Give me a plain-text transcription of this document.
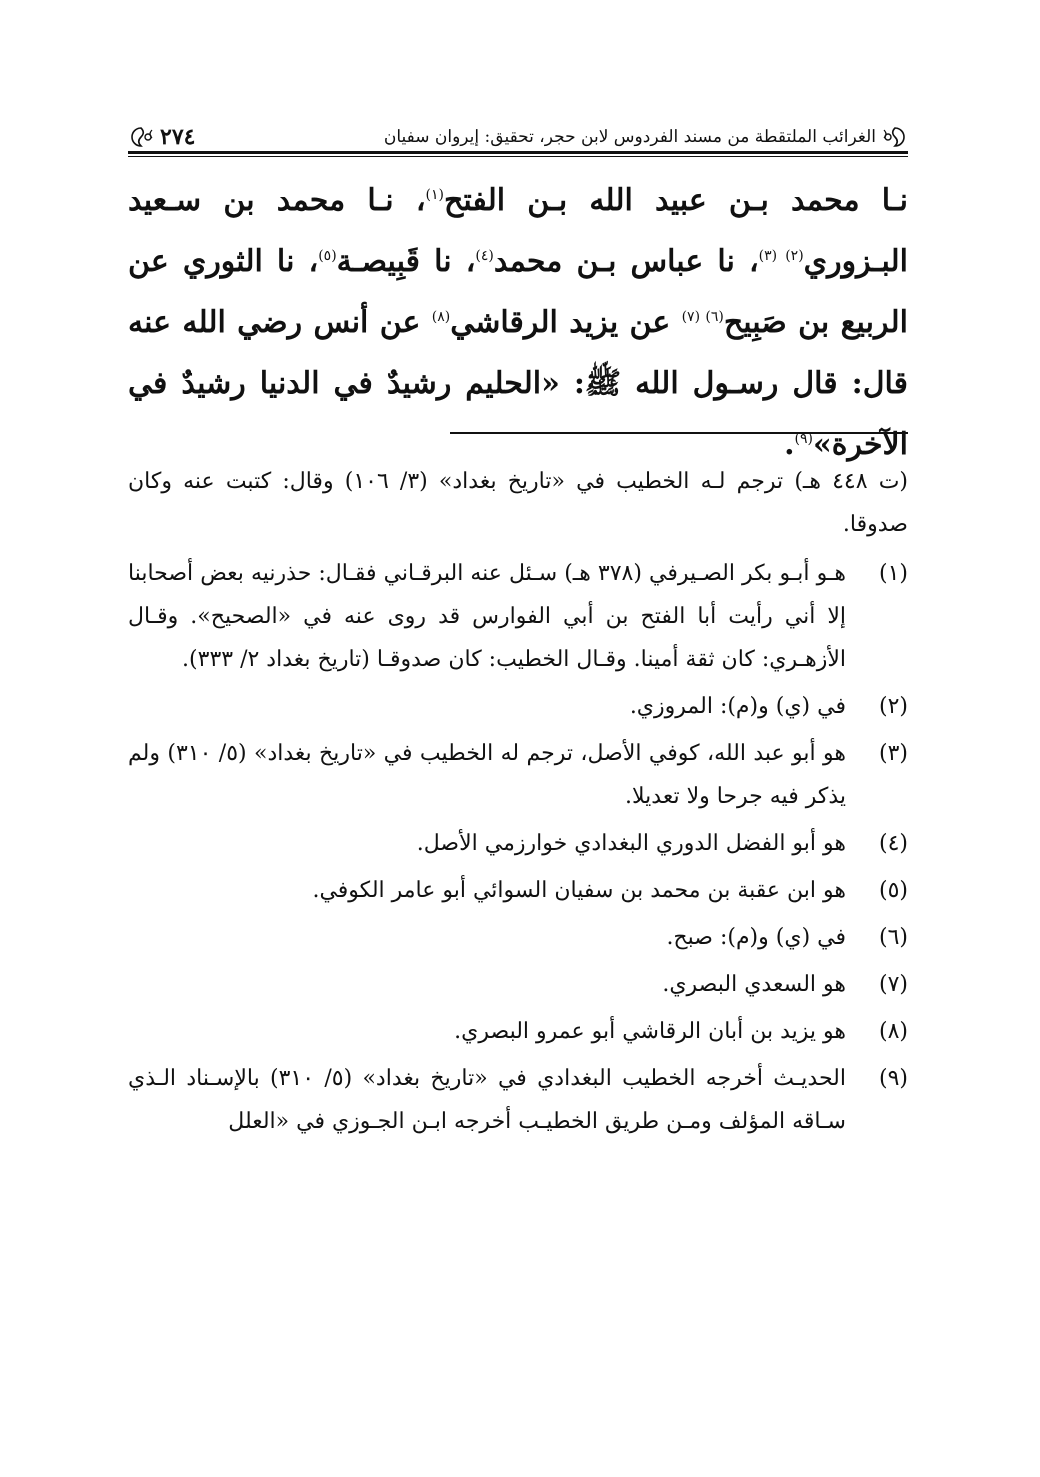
الغرائب الملتقطة من مسند الفردوس لابن حجر، تحقيق: إيروان سفيان
٢٧٤
نـا محمد بـن عبيد الله بـن الفتح$^{(١)}$، نـا محمد بن سـعيد البـزوري$^{(٢) (٣)}$، نا عباس بـن محمد$^{(٤)}$، نا قَبِيصـة$^{(٥)}$، نا الثوري عن الربيع بن صَبِيح$^{(٦) (٧)}$ عن يزيد الرقاشي$^{(٨)}$ عن أنس رضي الله عنه قال: قال رسـول الله ﷺ: «الحليم رشيدٌ في الدنيا رشيدٌ في الآخرة»$^{(٩)}$.

(ت ٤٤٨ هـ) ترجم لـه الخطيب في «تاريخ بغداد» (٣/ ١٠٦) وقال: كتبت عنه وكان صدوقا.

(١)
هـو أبـو بكر الصـيرفي (٣٧٨ هـ) سـئل عنه البرقـاني فقـال: حذرنيه بعض أصحابنا إلا أني رأيت أبا الفتح بن أبي الفوارس قد روى عنه في «الصحيح». وقـال الأزهـري: كان ثقة أمينا. وقـال الخطيب: كان صدوقـا (تاريخ بغداد ٢/ ٣٣٣).
(٢)
في (ي) و(م): المروزي.
(٣)
هو أبو عبد الله، كوفي الأصل، ترجم له الخطيب في «تاريخ بغداد» (٥/ ٣١٠) ولم يذكر فيه جرحا ولا تعديلا.
(٤)
هو أبو الفضل الدوري البغدادي خوارزمي الأصل.
(٥)
هو ابن عقبة بن محمد بن سفيان السوائي أبو عامر الكوفي.
(٦)
في (ي) و(م): صبح.
(٧)
هو السعدي البصري.
(٨)
هو يزيد بن أبان الرقاشي أبو عمرو البصري.
(٩)
الحديـث أخرجه الخطيب البغدادي في «تاريخ بغداد» (٥/ ٣١٠) بالإسـناد الـذي سـاقه المؤلف ومـن طريق الخطيـب أخرجه ابـن الجـوزي في «العلل
